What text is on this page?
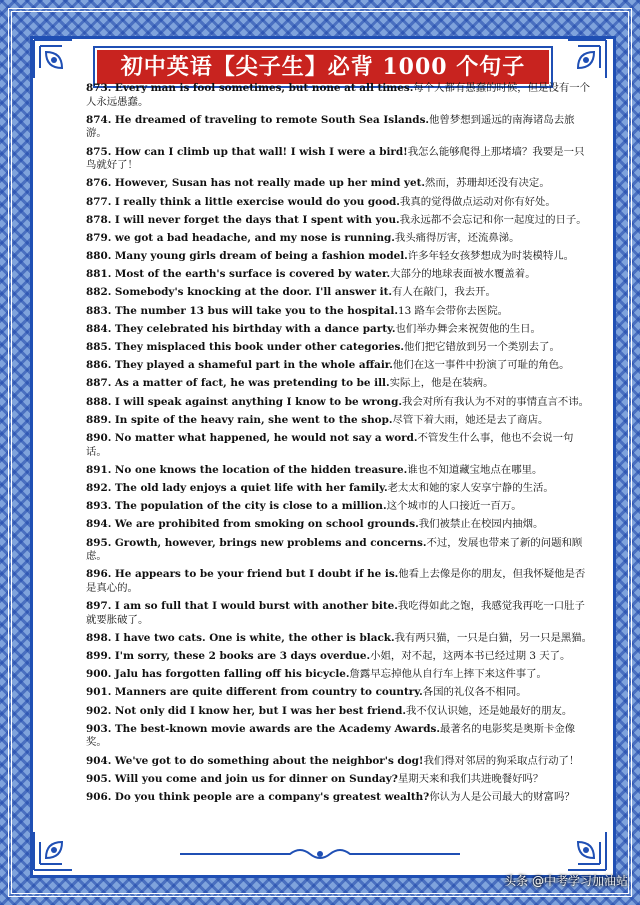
初中英语【尖子生】必背 1000 个句子
873. Every man is fool sometimes, but none at all times.每个人都有愚蠢的时候，但是没有一个人永远愚蠢。
874. He dreamed of traveling to remote South Sea Islands.他曾梦想到遥远的南海诸岛去旅游。
875. How can I climb up that wall! I wish I were a bird!我怎么能够爬得上那堵墙？我要是一只鸟就好了！
876. However, Susan has not really made up her mind yet.然而，苏珊却还没有决定。
877. I really think a little exercise would do you good.我真的觉得做点运动对你有好处。
878. I will never forget the days that I spent with you.我永远都不会忘记和你一起度过的日子。
879. we got a bad headache, and my nose is running.我头痛得厉害，还流鼻涕。
880. Many young girls dream of being a fashion model.许多年轻女孩梦想成为时装模特儿。
881. Most of the earth's surface is covered by water.大部分的地球表面被水覆盖着。
882. Somebody's knocking at the door. I'll answer it.有人在敲门，我去开。
883. The number 13 bus will take you to the hospital.13 路车会带你去医院。
884. They celebrated his birthday with a dance party.也们举办舞会来祝贺他的生日。
885. They misplaced this book under other categories.他们把它错放到另一个类别去了。
886. They played a shameful part in the whole affair.他们在这一事件中扮演了可耻的角色。
887. As a matter of fact, he was pretending to be ill.实际上，他是在装病。
888. I will speak against anything I know to be wrong.我会对所有我认为不对的事情直言不讳。
889. In spite of the heavy rain, she went to the shop.尽管下着大雨，她还是去了商店。
890. No matter what happened, he would not say a word.不管发生什么事，他也不会说一句话。
891. No one knows the location of the hidden treasure.谁也不知道藏宝地点在哪里。
892. The old lady enjoys a quiet life with her family.老太太和她的家人安享宁静的生活。
893. The population of the city is close to a million.这个城市的人口接近一百万。
894. We are prohibited from smoking on school grounds.我们被禁止在校园内抽烟。
895. Growth, however, brings new problems and concerns.不过，发展也带来了新的问题和顾虑。
896. He appears to be your friend but I doubt if he is.他看上去像是你的朋友，但我怀疑他是否是真心的。
897. I am so full that I would burst with another bite.我吃得如此之饱，我感觉我再吃一口肚子就要胀破了。
898. I have two cats. One is white, the other is black.我有两只猫，一只是白猫，另一只是黑猫。
899. I'm sorry, these 2 books are 3 days overdue.小姐，对不起，这两本书已经过期 3 天了。
900. Jalu has forgotten falling off his bicycle.詹露早忘掉他从自行车上摔下来这件事了。
901. Manners are quite different from country to country.各国的礼仪各不相同。
902. Not only did I know her, but I was her best friend.我不仅认识她，还是她最好的朋友。
903. The best-known movie awards are the Academy Awards.最著名的电影奖是奥斯卡金像奖。
904. We've got to do something about the neighbor's dog!我们得对邻居的狗采取点行动了！
905. Will you come and join us for dinner on Sunday?星期天来和我们共进晚餐好吗？
906. Do you think people are a company's greatest wealth?你认为人是公司最大的财富吗？
头条 @中考学习加油站
